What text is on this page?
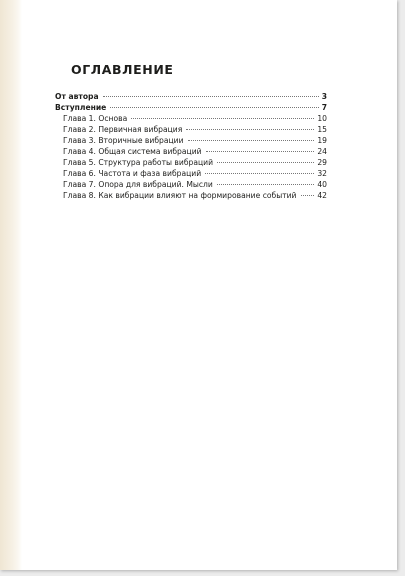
ОГЛАВЛЕНИЕ
От автора	3
Вступление	7
Глава 1. Основа	10
Глава 2. Первичная вибрация	15
Глава 3. Вторичные вибрации	19
Глава 4. Общая система вибраций	24
Глава 5. Структура работы вибраций	29
Глава 6. Частота и фаза вибраций	32
Глава 7. Опора для вибраций. Мысли	40
Глава 8. Как вибрации влияют на формирование событий	42
